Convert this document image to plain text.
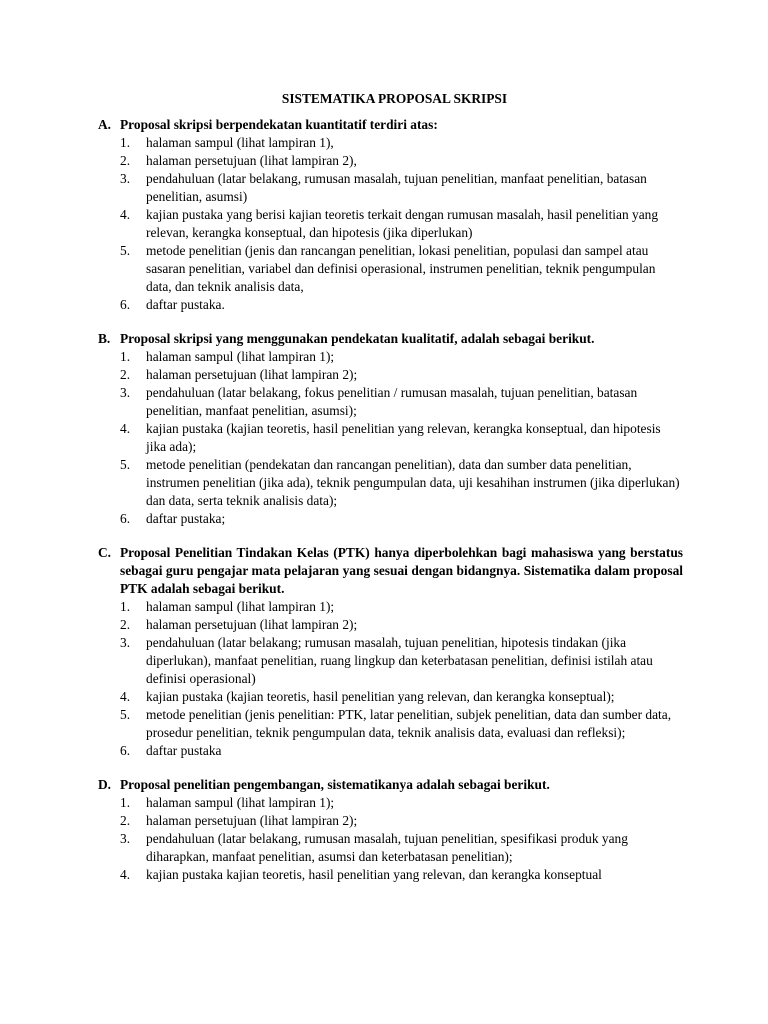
SISTEMATIKA PROPOSAL SKRIPSI
A. Proposal skripsi berpendekatan kuantitatif terdiri atas:
1.	halaman sampul (lihat lampiran 1),
2.	halaman persetujuan (lihat lampiran 2),
3.	pendahuluan (latar belakang, rumusan masalah, tujuan penelitian, manfaat penelitian, batasan penelitian, asumsi)
4.	kajian pustaka yang berisi kajian teoretis terkait dengan rumusan masalah, hasil penelitian yang relevan, kerangka konseptual, dan hipotesis (jika diperlukan)
5.	metode penelitian (jenis dan rancangan penelitian, lokasi penelitian, populasi dan sampel atau sasaran penelitian, variabel dan definisi operasional, instrumen penelitian, teknik pengumpulan data, dan teknik analisis data,
6.	daftar pustaka.
B. Proposal skripsi yang menggunakan pendekatan kualitatif, adalah sebagai berikut.
1.	halaman sampul (lihat lampiran 1);
2.	halaman persetujuan (lihat lampiran 2);
3.	pendahuluan (latar belakang, fokus penelitian / rumusan masalah, tujuan penelitian, batasan penelitian, manfaat penelitian, asumsi);
4.	kajian pustaka (kajian teoretis, hasil penelitian yang relevan, kerangka konseptual, dan hipotesis jika ada);
5.	metode penelitian (pendekatan dan rancangan penelitian), data dan sumber data penelitian, instrumen penelitian (jika ada), teknik pengumpulan data, uji kesahihan instrumen (jika diperlukan) dan data, serta teknik analisis data);
6.	daftar pustaka;
C. Proposal Penelitian Tindakan Kelas (PTK) hanya diperbolehkan bagi mahasiswa yang berstatus sebagai guru pengajar mata pelajaran yang sesuai dengan bidangnya. Sistematika dalam proposal PTK adalah sebagai berikut.
1.	halaman sampul (lihat lampiran 1);
2.	halaman persetujuan (lihat lampiran 2);
3.	pendahuluan (latar belakang; rumusan masalah, tujuan penelitian, hipotesis tindakan (jika diperlukan), manfaat penelitian, ruang lingkup dan keterbatasan penelitian, definisi istilah atau definisi operasional)
4.	kajian pustaka (kajian teoretis, hasil penelitian yang relevan, dan kerangka konseptual);
5.	metode penelitian (jenis penelitian: PTK, latar penelitian, subjek penelitian, data dan sumber data, prosedur penelitian, teknik pengumpulan data, teknik analisis data, evaluasi dan refleksi);
6.	daftar pustaka
D. Proposal penelitian pengembangan, sistematikanya adalah sebagai berikut.
1.	halaman sampul (lihat lampiran 1);
2.	halaman persetujuan (lihat lampiran 2);
3.	pendahuluan (latar belakang, rumusan masalah, tujuan penelitian, spesifikasi produk yang diharapkan, manfaat penelitian, asumsi dan keterbatasan penelitian);
4.	kajian pustaka kajian teoretis, hasil penelitian yang relevan, dan kerangka konseptual
